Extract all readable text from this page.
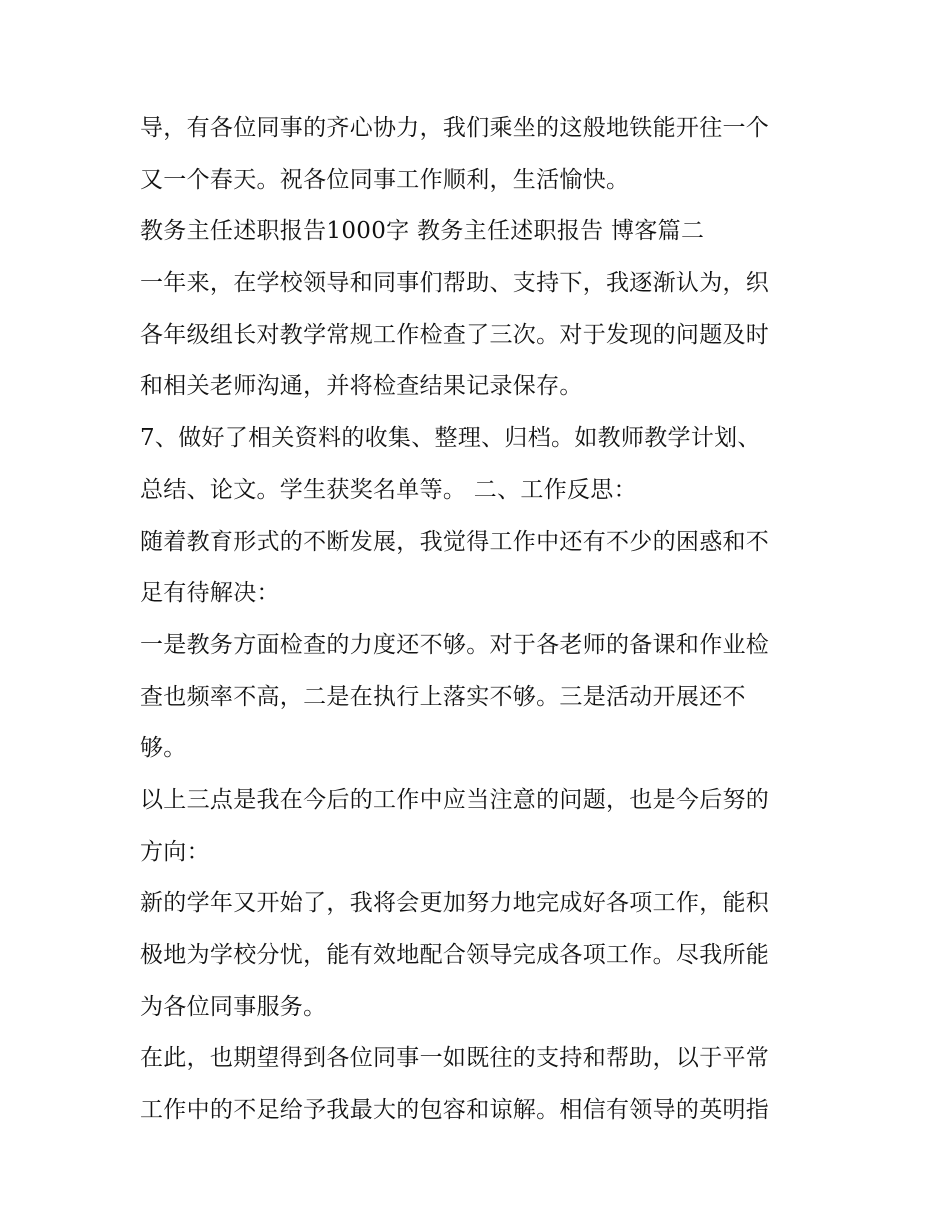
导，有各位同事的齐心协力，我们乘坐的这般地铁能开往一个
又一个春天。祝各位同事工作顺利，生活愉快。
教务主任述职报告1000字 教务主任述职报告 博客篇二
一年来，在学校领导和同事们帮助、支持下，我逐渐认为，织
各年级组长对教学常规工作检查了三次。对于发现的问题及时
和相关老师沟通，并将检查结果记录保存。
7、做好了相关资料的收集、整理、归档。如教师教学计划、
总结、论文。学生获奖名单等。 二、工作反思：
随着教育形式的不断发展，我觉得工作中还有不少的困惑和不
足有待解决：
一是教务方面检查的力度还不够。对于各老师的备课和作业检
查也频率不高，二是在执行上落实不够。三是活动开展还不
够。
以上三点是我在今后的工作中应当注意的问题，也是今后努的
方向：
新的学年又开始了，我将会更加努力地完成好各项工作，能积
极地为学校分忧，能有效地配合领导完成各项工作。尽我所能
为各位同事服务。
在此，也期望得到各位同事一如既往的支持和帮助，以于平常
工作中的不足给予我最大的包容和谅解。相信有领导的英明指
